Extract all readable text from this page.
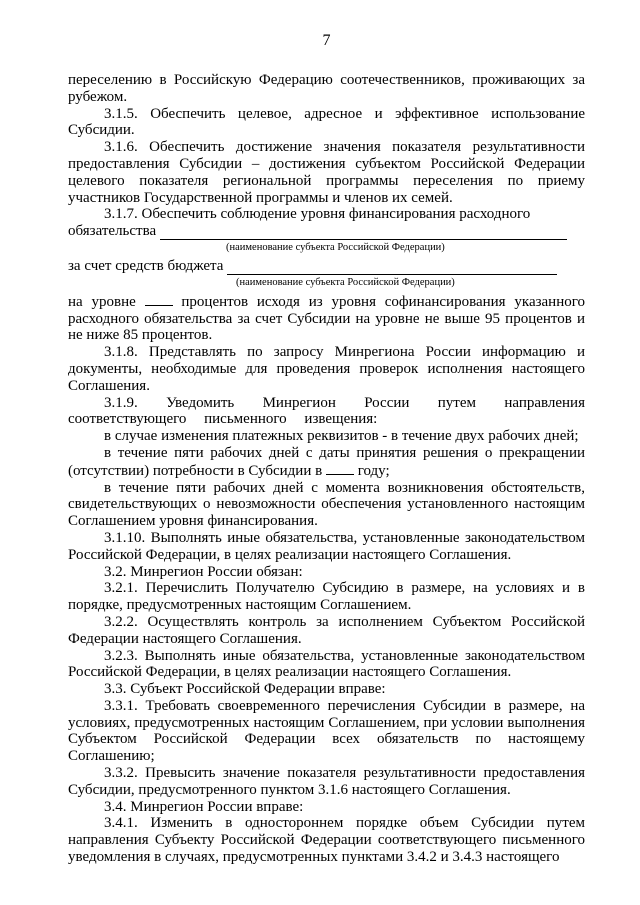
7

переселению в Российскую Федерацию соотечественников, проживающих за рубежом.

3.1.5. Обеспечить целевое, адресное и эффективное использование Субсидии.

3.1.6. Обеспечить достижение значения показателя результативности предоставления Субсидии – достижения субъектом Российской Федерации целевого показателя региональной программы переселения по приему участников Государственной программы и членов их семей.

3.1.7. Обеспечить соблюдение уровня финансирования расходного

обязательства
(наименование субъекта Российской Федерации)
за счет средств бюджета
(наименование субъекта Российской Федерации)

на уровне	процентов исходя из уровня софинансирования указанного расходного обязательства за счет Субсидии на уровне не выше 95 процентов и не ниже 85 процентов.

3.1.8. Представлять по запросу Минрегиона России информацию и документы, необходимые для проведения проверок исполнения настоящего Соглашения.

3.1.9. Уведомить Минрегион России путем направления соответствующего письменного извещения:

в случае изменения платежных реквизитов - в течение двух рабочих дней;

в течение пяти рабочих дней с даты принятия решения о прекращении (отсутствии) потребности в Субсидии в году;

в течение пяти рабочих дней с момента возникновения обстоятельств, свидетельствующих о невозможности обеспечения установленного настоящим Соглашением уровня финансирования.

3.1.10. Выполнять иные обязательства, установленные законодательством Российской Федерации, в целях реализации настоящего Соглашения.

3.2. Минрегион России обязан:

3.2.1. Перечислить Получателю Субсидию в размере, на условиях и в порядке, предусмотренных настоящим Соглашением.

3.2.2. Осуществлять контроль за исполнением Субъектом Российской Федерации настоящего Соглашения.

3.2.3. Выполнять иные обязательства, установленные законодательством Российской Федерации, в целях реализации настоящего Соглашения.

3.3. Субъект Российской Федерации вправе:

3.3.1. Требовать своевременного перечисления Субсидии в размере, на условиях, предусмотренных настоящим Соглашением, при условии выполнения Субъектом Российской Федерации всех обязательств по настоящему Соглашению;

3.3.2. Превысить значение показателя результативности предоставления Субсидии, предусмотренного пунктом 3.1.6 настоящего Соглашения.

3.4. Минрегион России вправе:

3.4.1. Изменить в одностороннем порядке объем Субсидии путем направления Субъекту Российской Федерации соответствующего письменного уведомления в случаях, предусмотренных пунктами 3.4.2 и 3.4.3 настоящего
